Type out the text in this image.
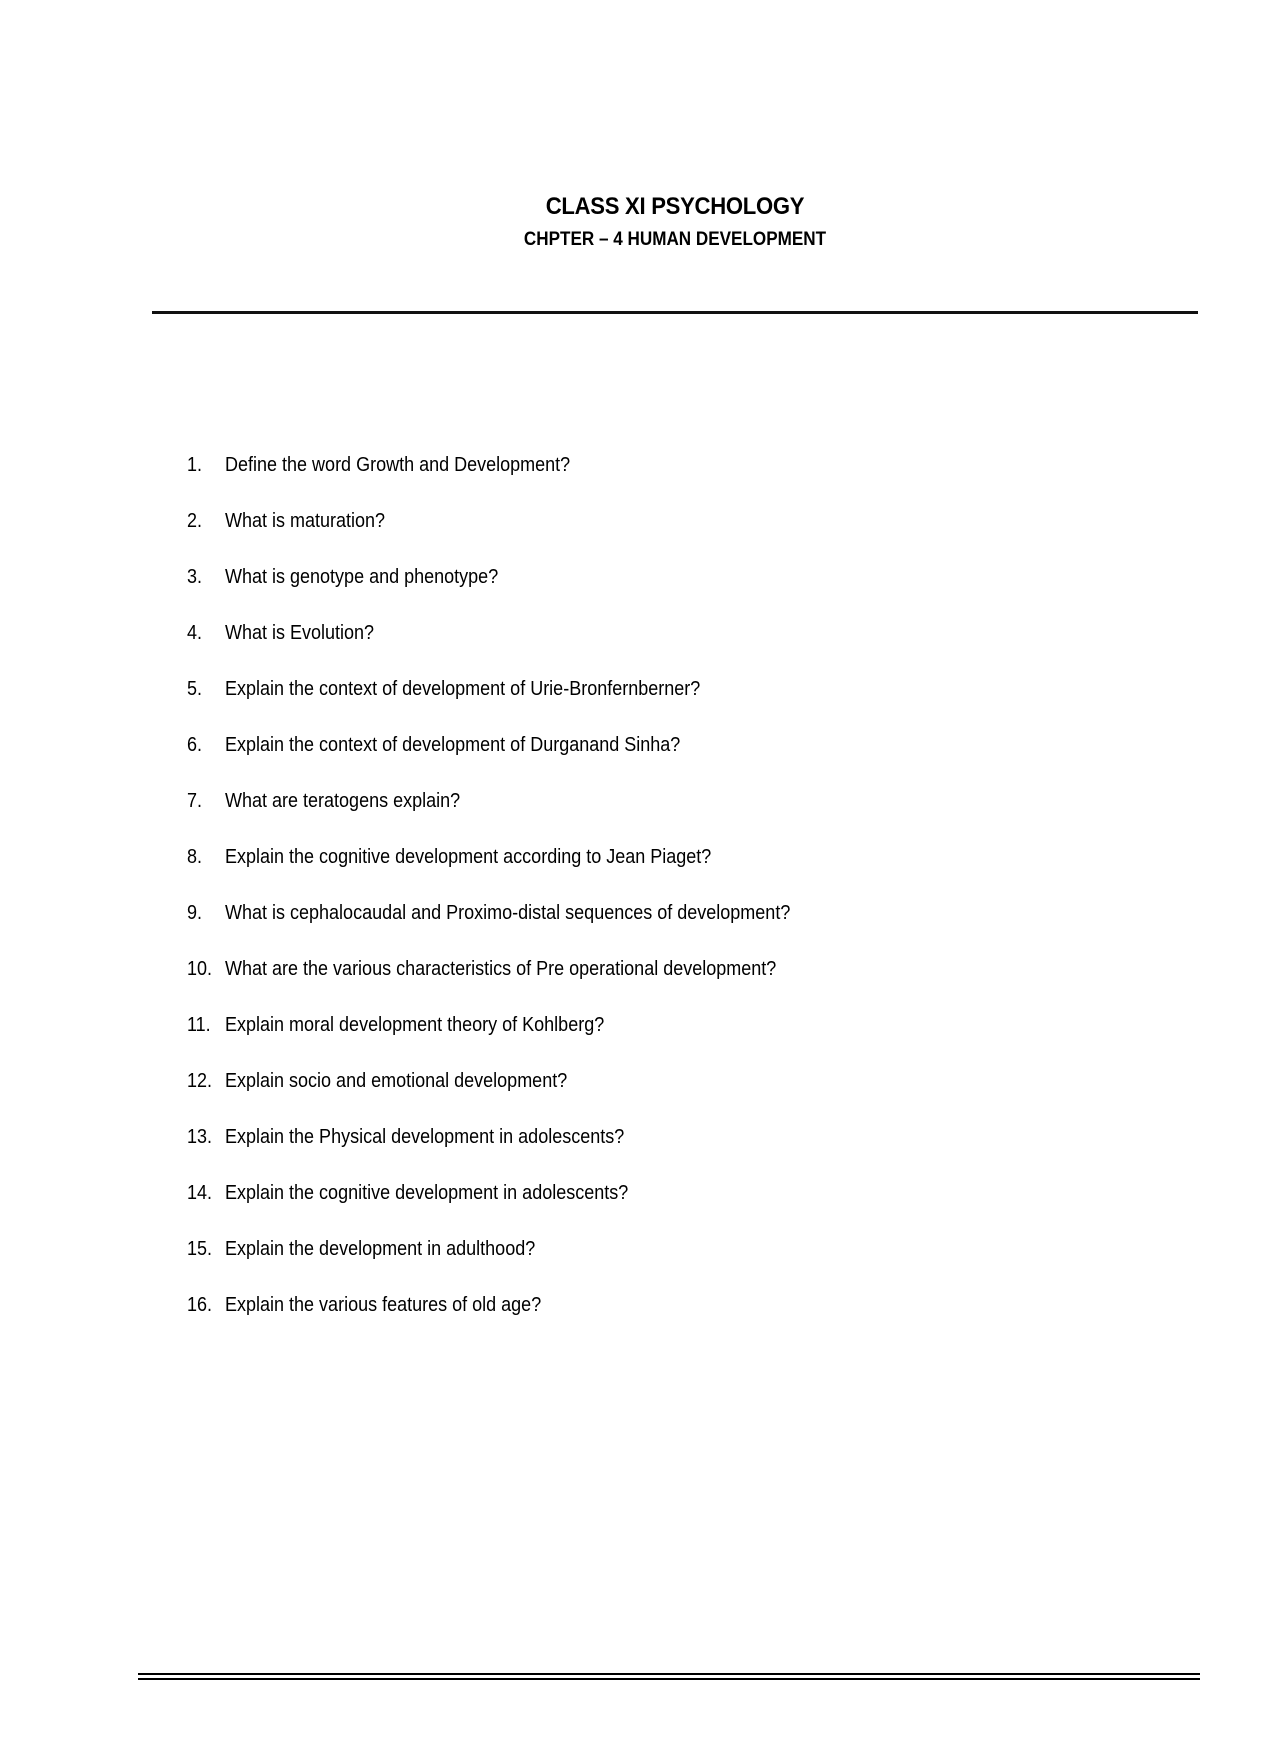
CLASS XI PSYCHOLOGY
CHPTER – 4 HUMAN DEVELOPMENT
1. Define the word Growth and Development?
2. What is maturation?
3. What is genotype and phenotype?
4. What is Evolution?
5. Explain the context of development of Urie-Bronfernberner?
6. Explain the context of development of Durganand Sinha?
7. What are teratogens explain?
8. Explain the cognitive development according to Jean Piaget?
9. What is cephalocaudal and Proximo-distal sequences of development?
10. What are the various characteristics of Pre operational development?
11. Explain moral development theory of Kohlberg?
12. Explain socio and emotional development?
13. Explain the Physical development in adolescents?
14. Explain the cognitive development in adolescents?
15. Explain the development in adulthood?
16. Explain the various features of old age?
